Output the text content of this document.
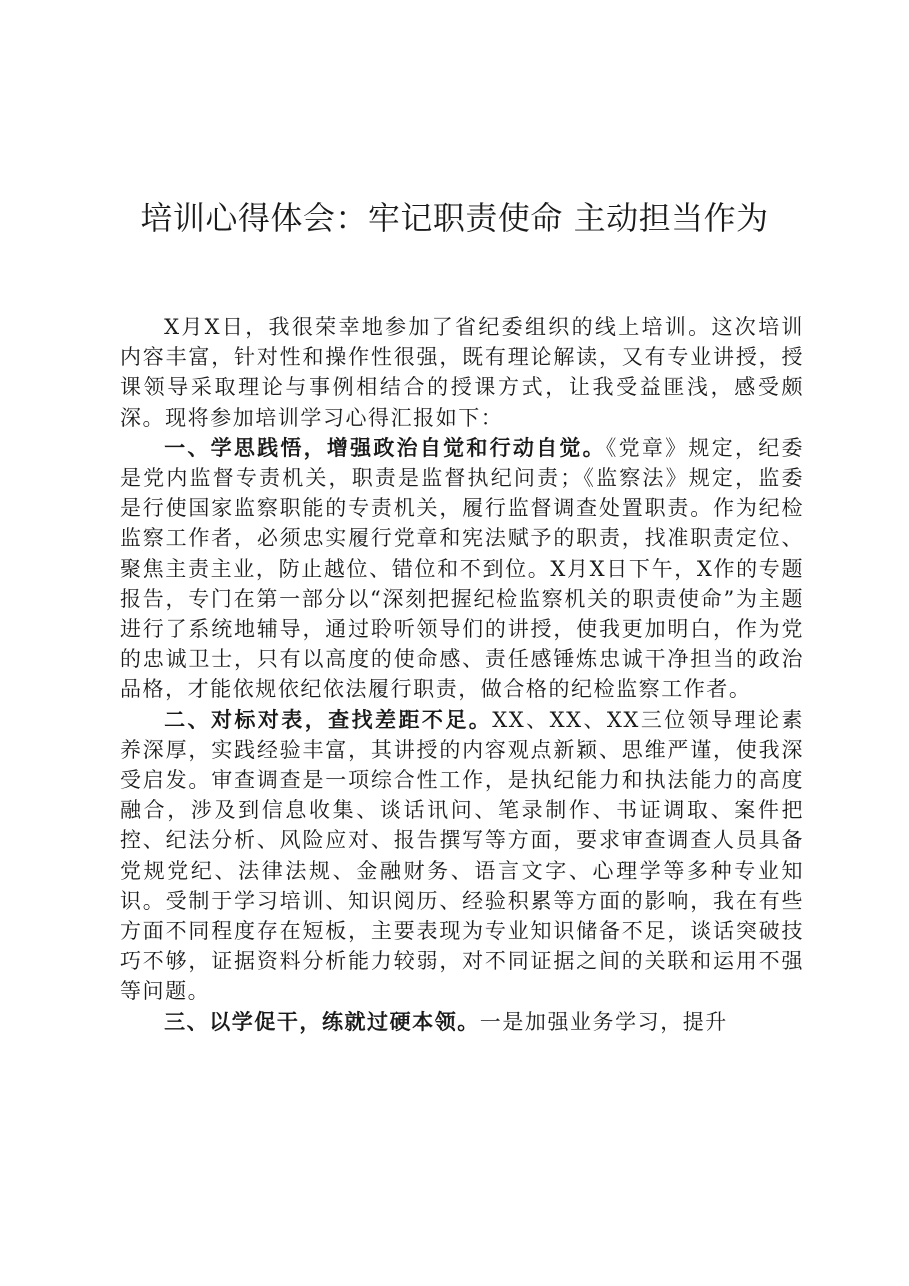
培训心得体会：牢记职责使命 主动担当作为

X月X日，我很荣幸地参加了省纪委组织的线上培训。这次培训内容丰富，针对性和操作性很强，既有理论解读，又有专业讲授，授课领导采取理论与事例相结合的授课方式，让我受益匪浅，感受颇深。现将参加培训学习心得汇报如下：

一、学思践悟，增强政治自觉和行动自觉。《党章》规定，纪委是党内监督专责机关，职责是监督执纪问责；《监察法》规定，监委是行使国家监察职能的专责机关，履行监督调查处置职责。作为纪检监察工作者，必须忠实履行党章和宪法赋予的职责，找准职责定位、聚焦主责主业，防止越位、错位和不到位。X月X日下午，X作的专题报告，专门在第一部分以“深刻把握纪检监察机关的职责使命”为主题进行了系统地辅导，通过聆听领导们的讲授，使我更加明白，作为党的忠诚卫士，只有以高度的使命感、责任感锤炼忠诚干净担当的政治品格，才能依规依纪依法履行职责，做合格的纪检监察工作者。

二、对标对表，查找差距不足。XX、XX、XX三位领导理论素养深厚，实践经验丰富，其讲授的内容观点新颖、思维严谨，使我深受启发。审查调查是一项综合性工作，是执纪能力和执法能力的高度融合，涉及到信息收集、谈话讯问、笔录制作、书证调取、案件把控、纪法分析、风险应对、报告撰写等方面，要求审查调查人员具备党规党纪、法律法规、金融财务、语言文字、心理学等多种专业知识。受制于学习培训、知识阅历、经验积累等方面的影响，我在有些方面不同程度存在短板，主要表现为专业知识储备不足，谈话突破技巧不够，证据资料分析能力较弱，对不同证据之间的关联和运用不强等问题。

三、以学促干，练就过硬本领。一是加强业务学习，提升
